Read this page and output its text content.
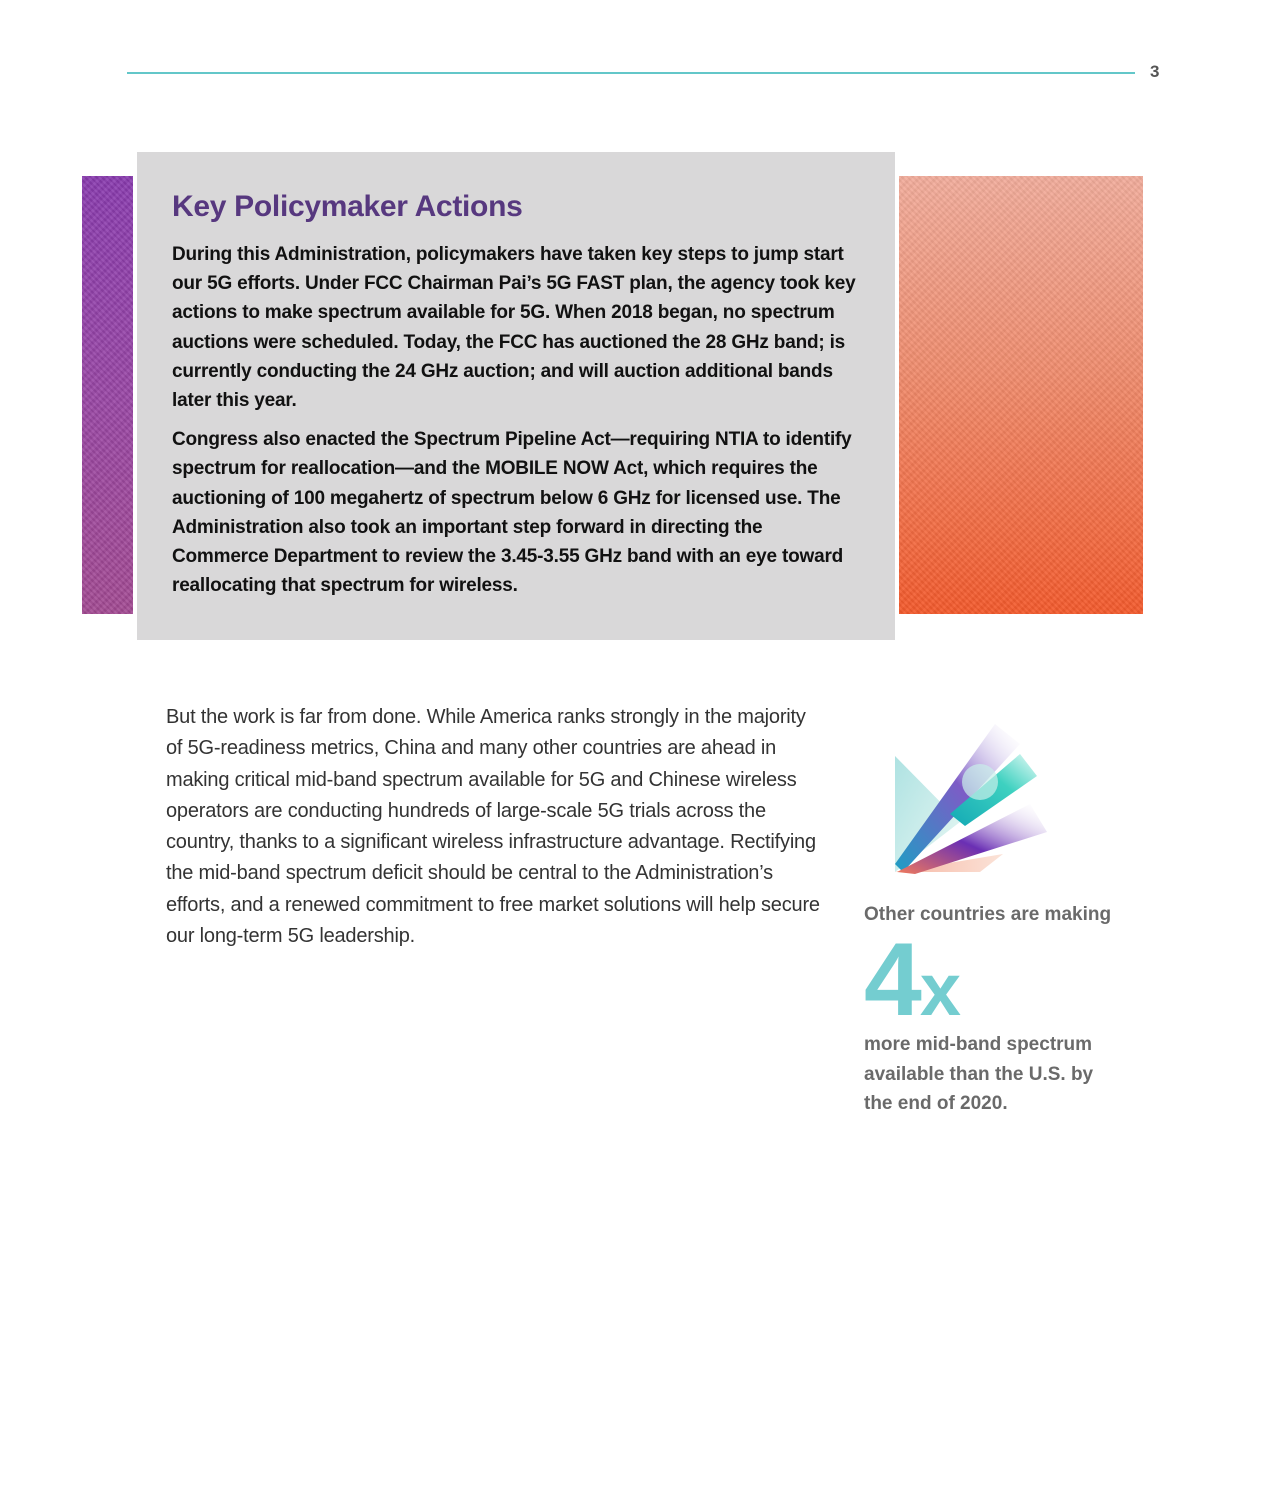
3
Key Policymaker Actions

During this Administration, policymakers have taken key steps to jump start our 5G efforts. Under FCC Chairman Pai’s 5G FAST plan, the agency took key actions to make spectrum available for 5G. When 2018 began, no spectrum auctions were scheduled. Today, the FCC has auctioned the 28 GHz band; is currently conducting the 24 GHz auction; and will auction additional bands later this year.

Congress also enacted the Spectrum Pipeline Act—requiring NTIA to identify spectrum for reallocation—and the MOBILE NOW Act, which requires the auctioning of 100 megahertz of spectrum below 6 GHz for licensed use. The Administration also took an important step forward in directing the Commerce Department to review the 3.45-3.55 GHz band with an eye toward reallocating that spectrum for wireless.

But the work is far from done. While America ranks strongly in the majority of 5G-readiness metrics, China and many other countries are ahead in making critical mid-band spectrum available for 5G and Chinese wireless operators are conducting hundreds of large-scale 5G trials across the country, thanks to a significant wireless infrastructure advantage. Rectifying the mid-band spectrum deficit should be central to the Administration’s efforts, and a renewed commitment to free market solutions will help secure our long-term 5G leadership.

Other countries are making

4x

more mid-band spectrum available than the U.S. by the end of 2020.
